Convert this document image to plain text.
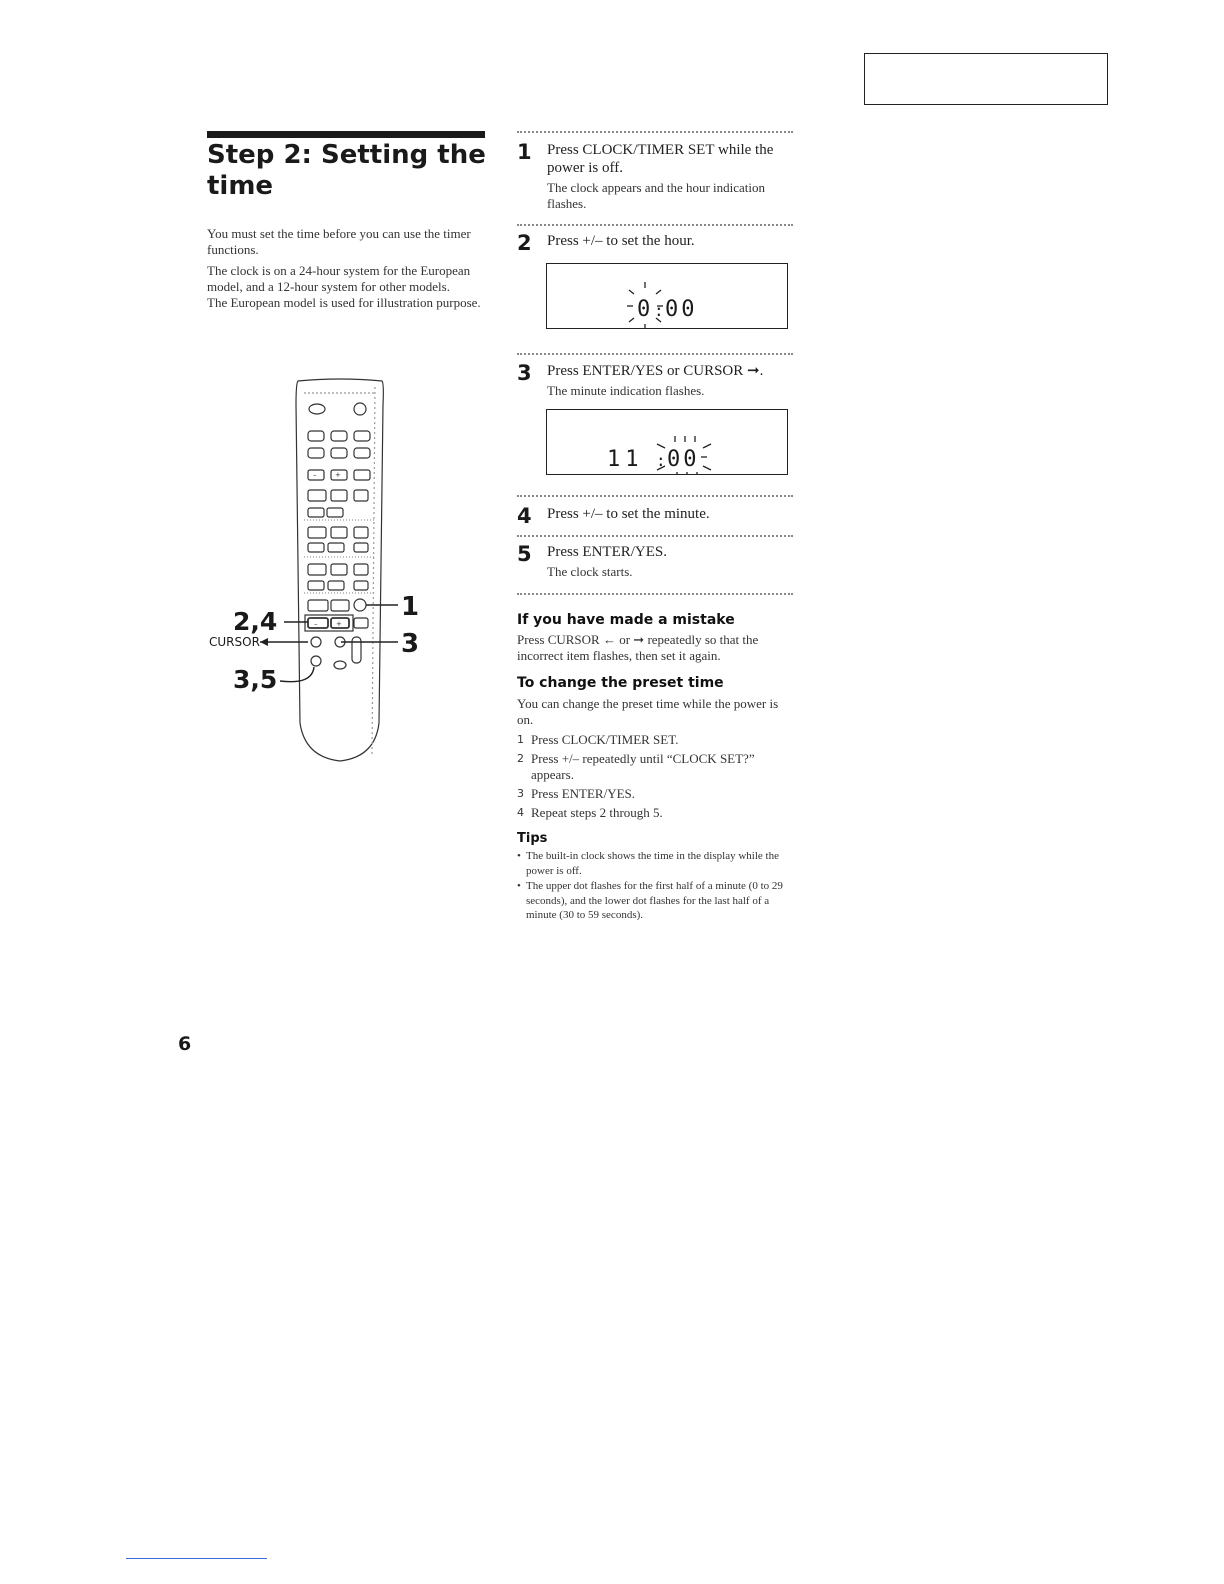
Step 2: Setting the time

You must set the time before you can use the timer functions.

The clock is on a 24-hour system for the European model, and a 12-hour system for other models.
The European model is used for illustration purpose.

+
–
+
–
1
2,4
CURSOR	3
3,5
1 Press CLOCK/TIMER SET while the power is off.
The clock appears and the hour indication flashes.
2 Press +/– to set the hour.
0 : 00
3 Press ENTER/YES or CURSOR ➞.
The minute indication flashes.
11 : 00
4 Press +/– to set the minute.
5 Press ENTER/YES.
The clock starts.
If you have made a mistake

Press CURSOR ← or ➞ repeatedly so that the incorrect item flashes, then set it again.

To change the preset time

You can change the preset time while the power is on.

1 Press CLOCK/TIMER SET.
2 Press +/– repeatedly until “CLOCK SET?” appears.
3 Press ENTER/YES.
4 Repeat steps 2 through 5.
Tips
• The built-in clock shows the time in the display while the power is off.
• The upper dot flashes for the first half of a minute (0 to 29 seconds), and the lower dot flashes for the last half of a minute (30 to 59 seconds).
6
